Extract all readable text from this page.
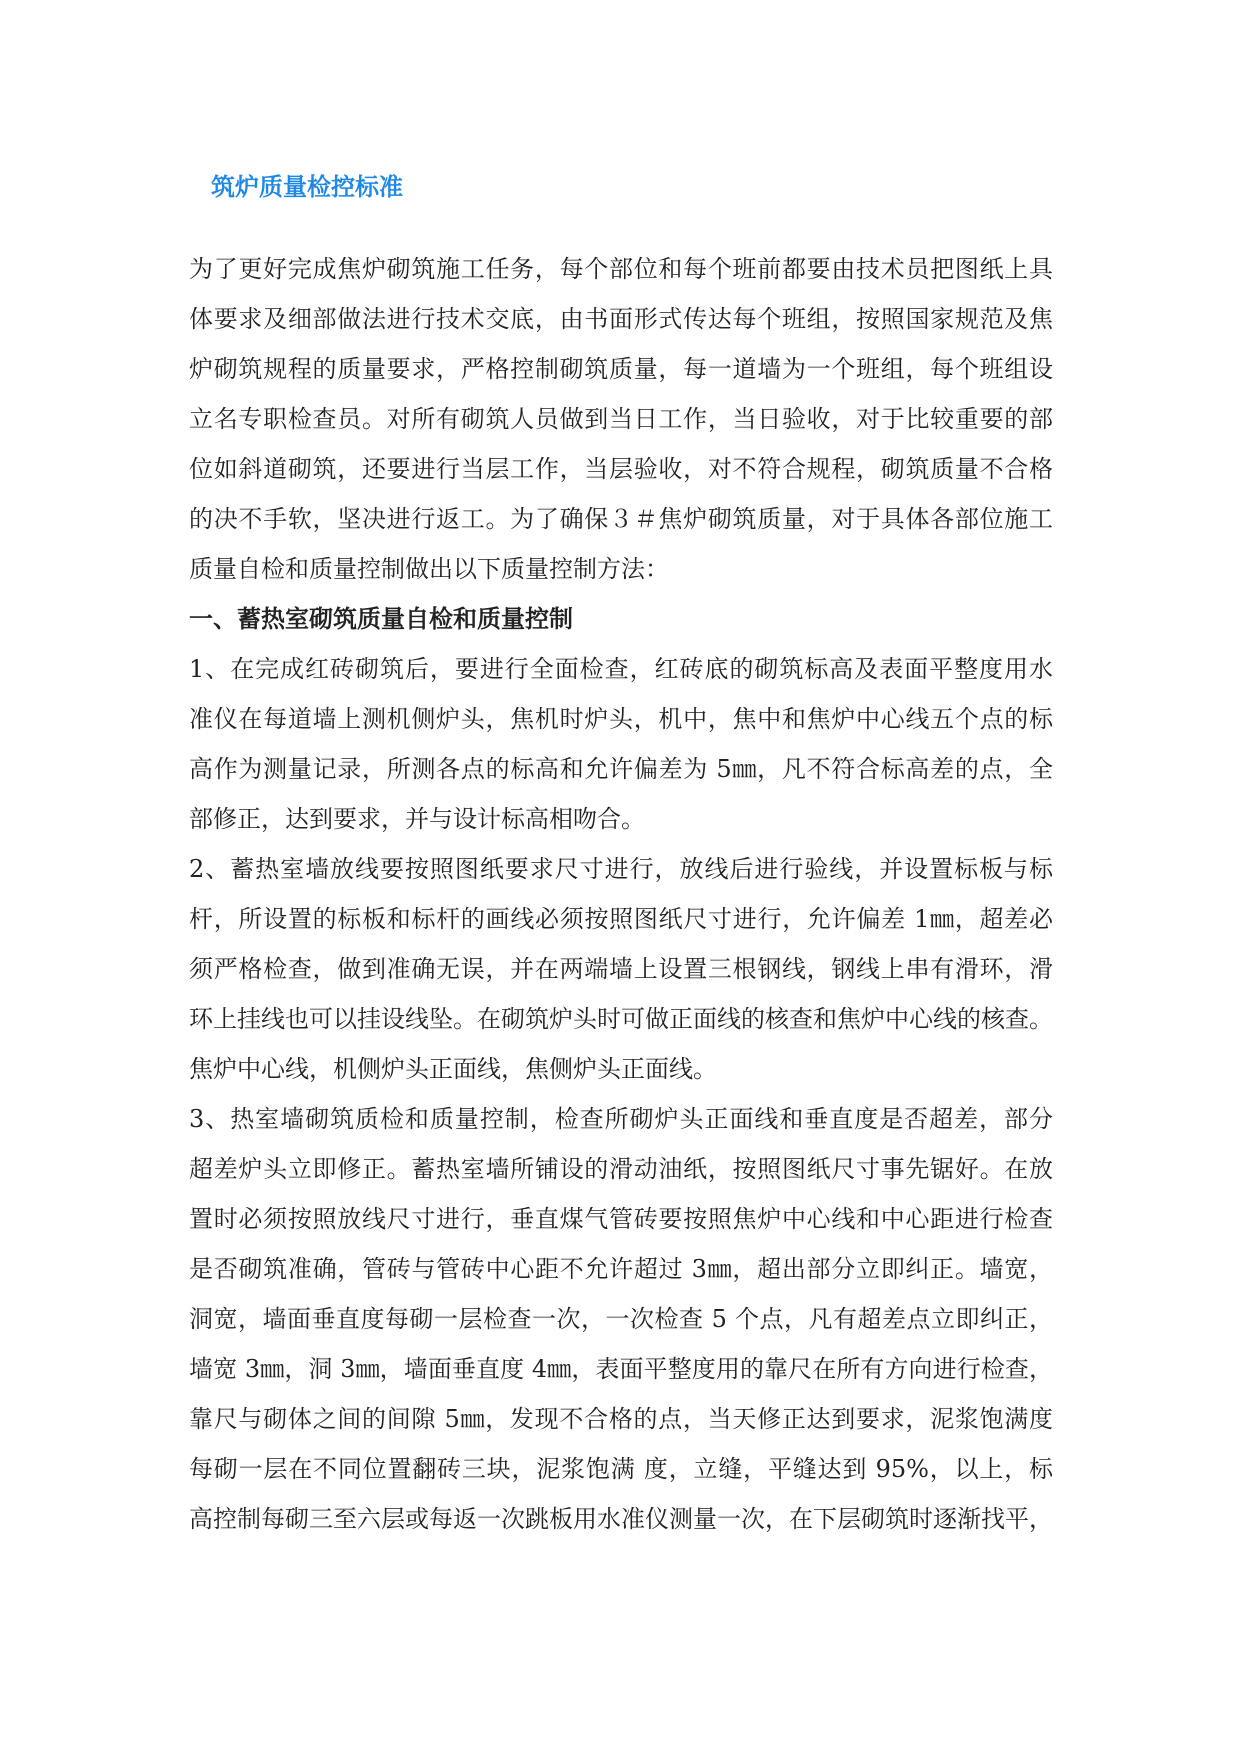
筑炉质量检控标准
为了更好完成焦炉砌筑施工任务，每个部位和每个班前都要由技术员把图纸上具
体要求及细部做法进行技术交底，由书面形式传达每个班组，按照国家规范及焦
炉砌筑规程的质量要求，严格控制砌筑质量，每一道墙为一个班组，每个班组设
立名专职检查员。对所有砌筑人员做到当日工作，当日验收，对于比较重要的部
位如斜道砌筑，还要进行当层工作，当层验收，对不符合规程，砌筑质量不合格
的决不手软，坚决进行返工。为了确保３＃焦炉砌筑质量，对于具体各部位施工
质量自检和质量控制做出以下质量控制方法：
一、蓄热室砌筑质量自检和质量控制
1、在完成红砖砌筑后，要进行全面检查，红砖底的砌筑标高及表面平整度用水
准仪在每道墙上测机侧炉头，焦机时炉头，机中，焦中和焦炉中心线五个点的标
高作为测量记录，所测各点的标高和允许偏差为 5㎜，凡不符合标高差的点，全
部修正，达到要求，并与设计标高相吻合。
2、蓄热室墙放线要按照图纸要求尺寸进行，放线后进行验线，并设置标板与标
杆，所设置的标板和标杆的画线必须按照图纸尺寸进行，允许偏差 1㎜，超差必
须严格检查，做到准确无误，并在两端墙上设置三根钢线，钢线上串有滑环，滑
环上挂线也可以挂设线坠。在砌筑炉头时可做正面线的核查和焦炉中心线的核查。
焦炉中心线，机侧炉头正面线，焦侧炉头正面线。
3、热室墙砌筑质检和质量控制，检查所砌炉头正面线和垂直度是否超差，部分
超差炉头立即修正。蓄热室墙所铺设的滑动油纸，按照图纸尺寸事先锯好。在放
置时必须按照放线尺寸进行，垂直煤气管砖要按照焦炉中心线和中心距进行检查
是否砌筑准确，管砖与管砖中心距不允许超过 3㎜，超出部分立即纠正。墙宽，
洞宽，墙面垂直度每砌一层检查一次，一次检查 5 个点，凡有超差点立即纠正，
墙宽 3㎜，洞 3㎜，墙面垂直度 4㎜，表面平整度用的靠尺在所有方向进行检查，
靠尺与砌体之间的间隙 5㎜，发现不合格的点，当天修正达到要求，泥浆饱满度
每砌一层在不同位置翻砖三块，泥浆饱满 度，立缝，平缝达到 95%，以上，标
高控制每砌三至六层或每返一次跳板用水准仪测量一次，在下层砌筑时逐渐找平，
